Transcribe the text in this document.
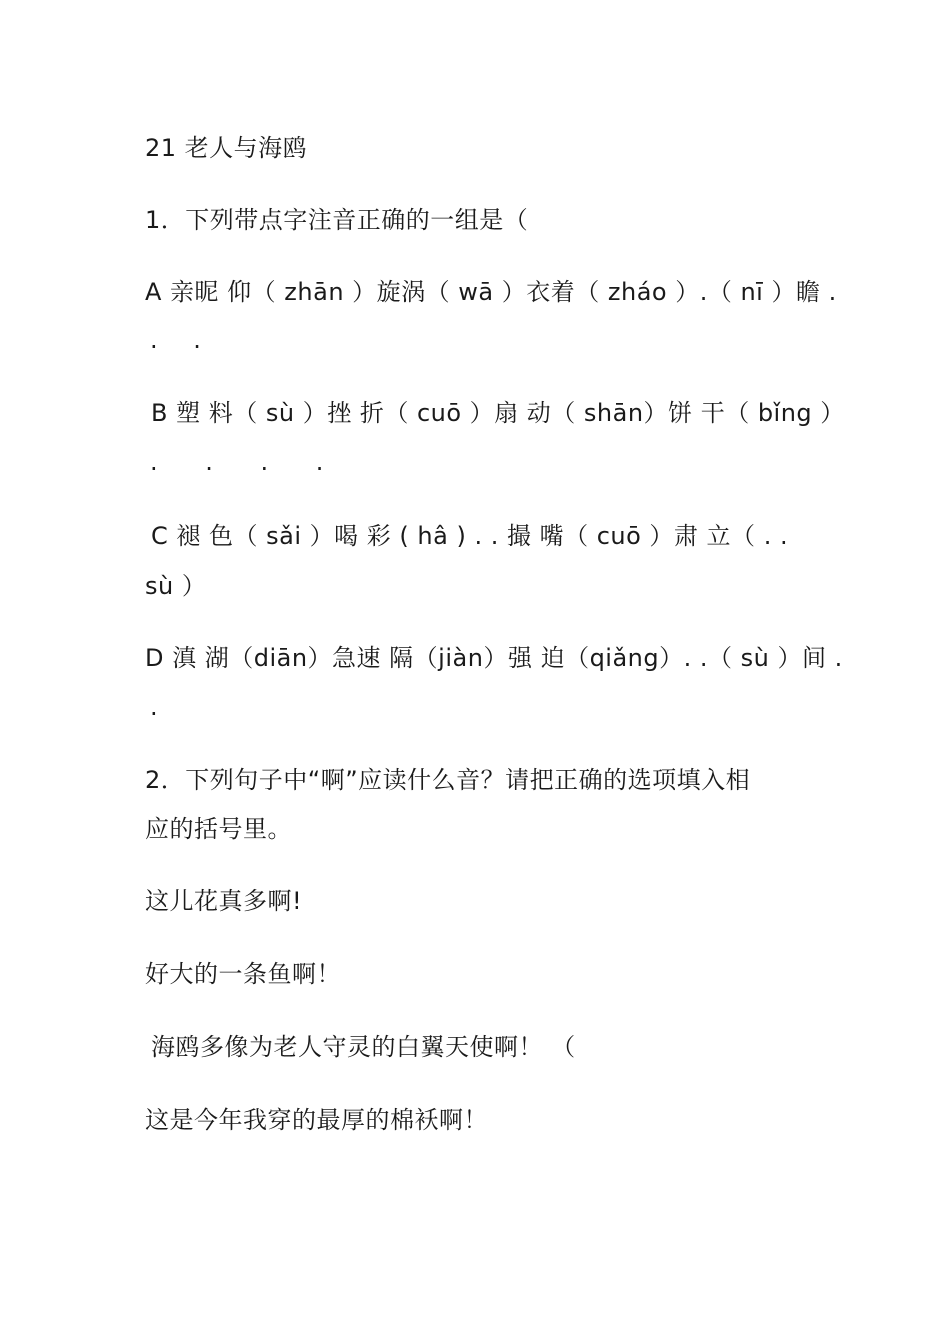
21 老人与海鸥
1．下列带点字注音正确的一组是（
A 亲昵 仰（ zhān ）旋涡（ wā ）衣着（ zháo ）.（ nī ）瞻 .
. .
B 塑 料（ sù ）挫 折（ cuō ）扇 动（ shān）饼 干（ bǐng ）
. . . .
C 褪 色（ sǎi ）喝 彩 ( hâ ) . . 撮 嘴（ cuō ）肃 立（ . .
sù ）
D 滇 湖（diān）急速 隔（jiàn）强 迫（qiǎng）. .（ sù ）间 .
.
2．下列句子中“啊”应读什么音？请把正确的选项填入相
应的括号里。
这儿花真多啊!
好大的一条鱼啊！
海鸥多像为老人守灵的白翼天使啊！ （
这是今年我穿的最厚的棉袄啊！
